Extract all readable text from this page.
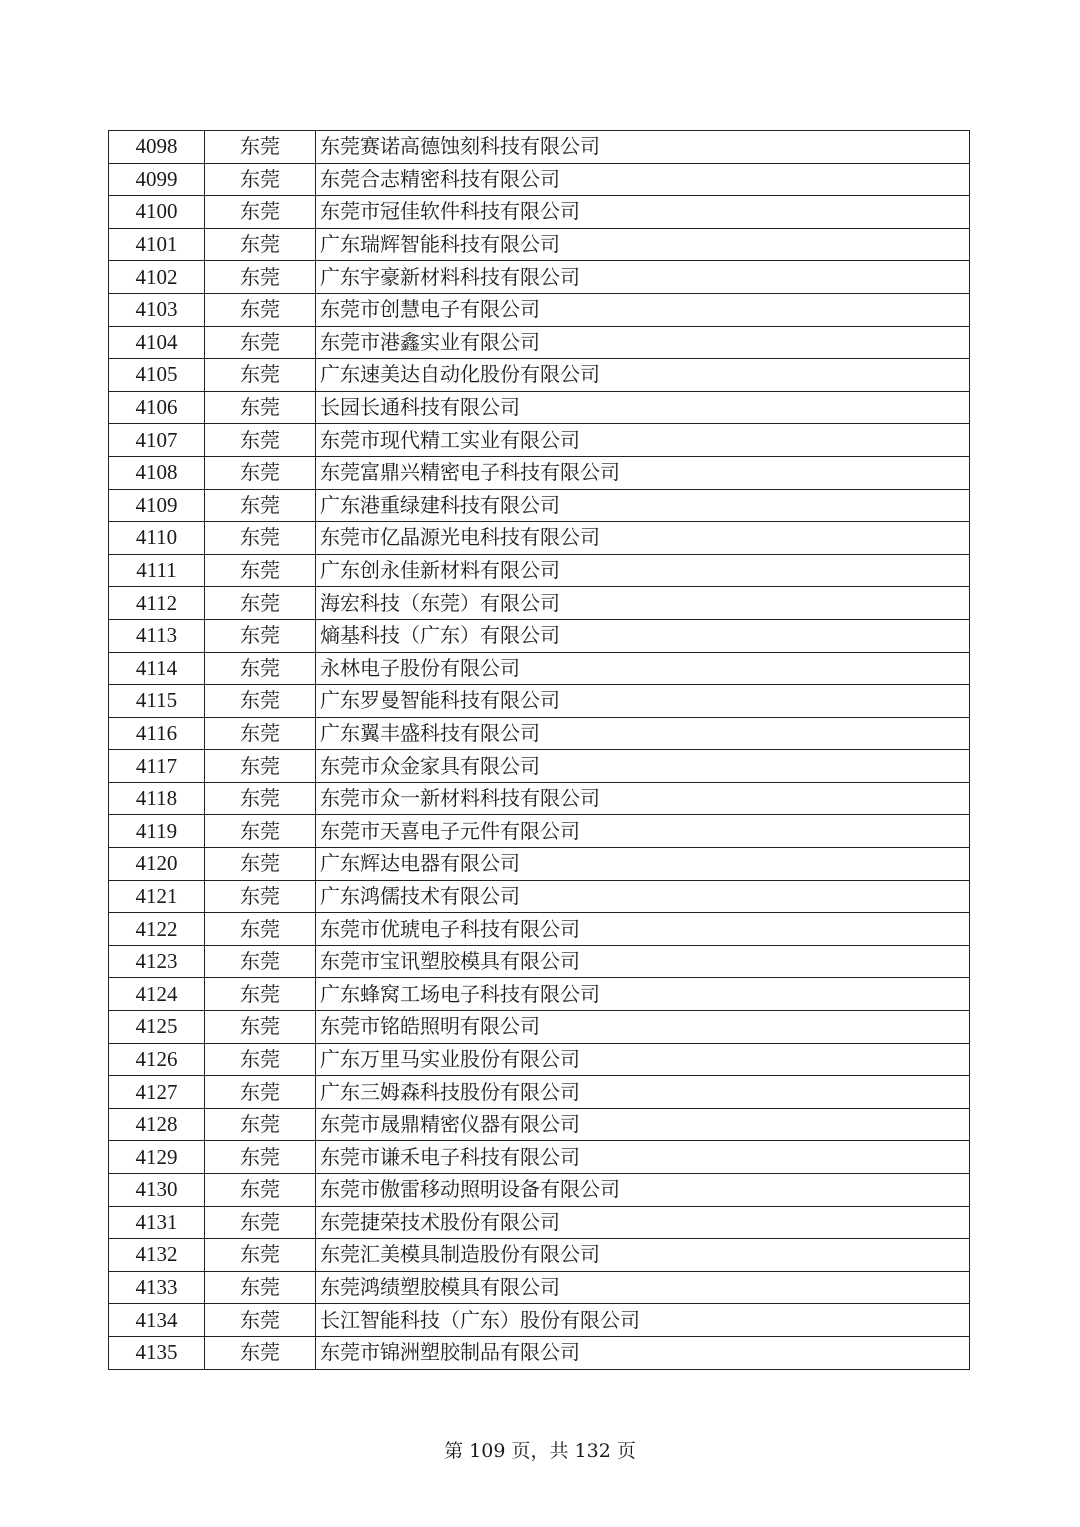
4098	东莞	东莞赛诺高德蚀刻科技有限公司
4099	东莞	东莞合志精密科技有限公司
4100	东莞	东莞市冠佳软件科技有限公司
4101	东莞	广东瑞辉智能科技有限公司
4102	东莞	广东宇豪新材料科技有限公司
4103	东莞	东莞市创慧电子有限公司
4104	东莞	东莞市港鑫实业有限公司
4105	东莞	广东速美达自动化股份有限公司
4106	东莞	长园长通科技有限公司
4107	东莞	东莞市现代精工实业有限公司
4108	东莞	东莞富鼎兴精密电子科技有限公司
4109	东莞	广东港重绿建科技有限公司
4110	东莞	东莞市亿晶源光电科技有限公司
4111	东莞	广东创永佳新材料有限公司
4112	东莞	海宏科技（东莞）有限公司
4113	东莞	熵基科技（广东）有限公司
4114	东莞	永林电子股份有限公司
4115	东莞	广东罗曼智能科技有限公司
4116	东莞	广东翼丰盛科技有限公司
4117	东莞	东莞市众金家具有限公司
4118	东莞	东莞市众一新材料科技有限公司
4119	东莞	东莞市天喜电子元件有限公司
4120	东莞	广东辉达电器有限公司
4121	东莞	广东鸿儒技术有限公司
4122	东莞	东莞市优琥电子科技有限公司
4123	东莞	东莞市宝讯塑胶模具有限公司
4124	东莞	广东蜂窝工场电子科技有限公司
4125	东莞	东莞市铭皓照明有限公司
4126	东莞	广东万里马实业股份有限公司
4127	东莞	广东三姆森科技股份有限公司
4128	东莞	东莞市晟鼎精密仪器有限公司
4129	东莞	东莞市谦禾电子科技有限公司
4130	东莞	东莞市傲雷移动照明设备有限公司
4131	东莞	东莞捷荣技术股份有限公司
4132	东莞	东莞汇美模具制造股份有限公司
4133	东莞	东莞鸿绩塑胶模具有限公司
4134	东莞	长江智能科技（广东）股份有限公司
4135	东莞	东莞市锦洲塑胶制品有限公司
第 109 页，共 132 页
